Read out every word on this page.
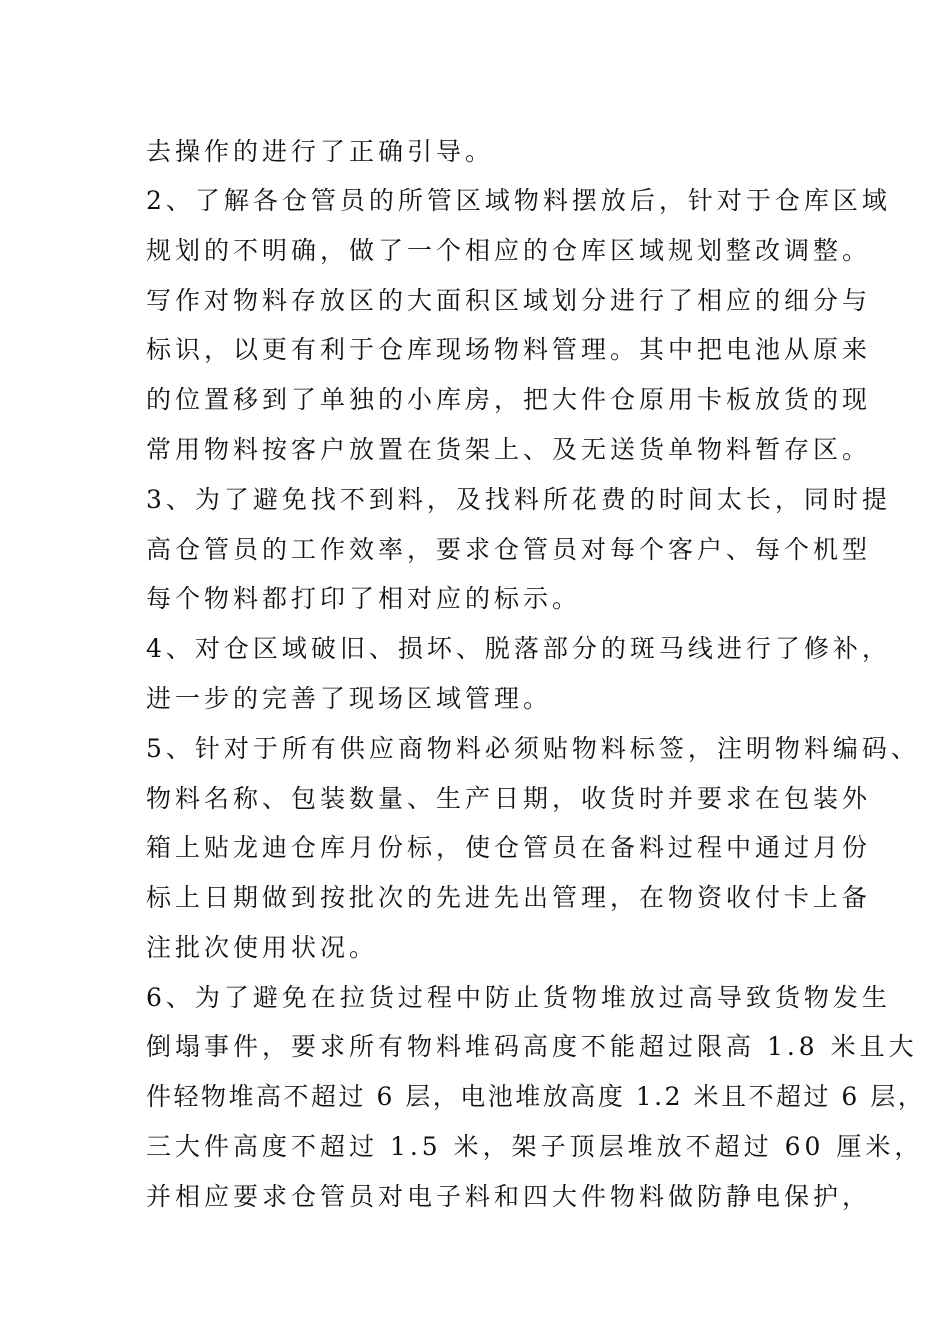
去操作的进行了正确引导。
2、了解各仓管员的所管区域物料摆放后，针对于仓库区域
规划的不明确，做了一个相应的仓库区域规划整改调整。
写作对物料存放区的大面积区域划分进行了相应的细分与
标识，以更有利于仓库现场物料管理。其中把电池从原来
的位置移到了单独的小库房，把大件仓原用卡板放货的现
常用物料按客户放置在货架上、及无送货单物料暂存区。
3、为了避免找不到料，及找料所花费的时间太长，同时提
高仓管员的工作效率，要求仓管员对每个客户、每个机型
每个物料都打印了相对应的标示。
4、对仓区域破旧、损坏、脱落部分的斑马线进行了修补，
进一步的完善了现场区域管理。
5、针对于所有供应商物料必须贴物料标签，注明物料编码、
物料名称、包装数量、生产日期，收货时并要求在包装外
箱上贴龙迪仓库月份标，使仓管员在备料过程中通过月份
标上日期做到按批次的先进先出管理，在物资收付卡上备
注批次使用状况。
6、为了避免在拉货过程中防止货物堆放过高导致货物发生
倒塌事件，要求所有物料堆码高度不能超过限高 1.8 米且大
件轻物堆高不超过 6 层，电池堆放高度 1.2 米且不超过 6 层，
三大件高度不超过 1.5 米，架子顶层堆放不超过 60 厘米，
并相应要求仓管员对电子料和四大件物料做防静电保护，
